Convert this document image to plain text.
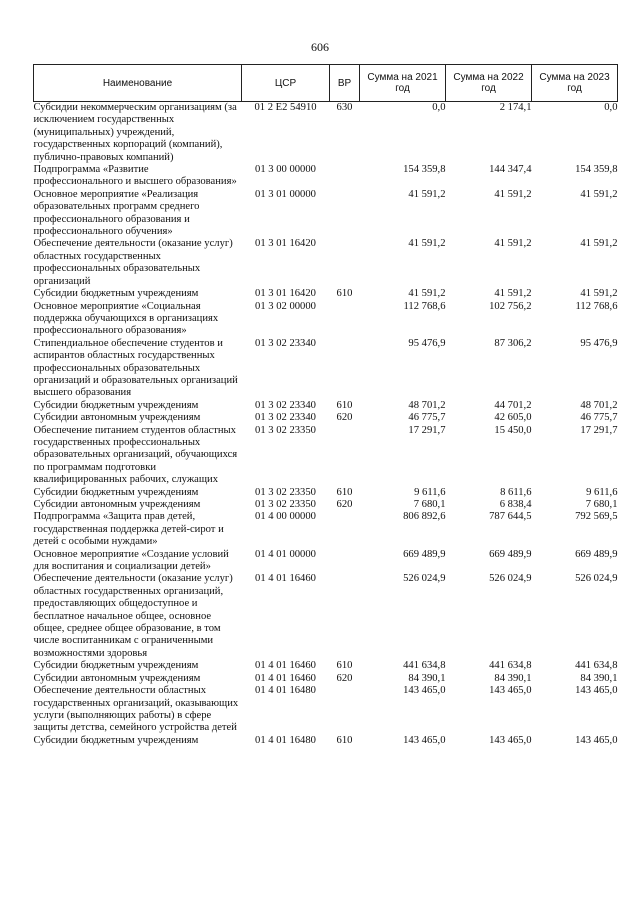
606
Наименование	ЦСР	ВР	Сумма на 2021 год	Сумма на 2022 год	Сумма на 2023 год
Субсидии некоммерческим организациям (за исключением государственных (муниципальных) учреждений, государственных корпораций (компаний), публично-правовых компаний)	01 2 E2 54910	630	0,0	2 174,1	0,0
Подпрограмма «Развитие профессионального и высшего образования»	01 3 00 00000		154 359,8	144 347,4	154 359,8
Основное мероприятие «Реализация образовательных программ среднего профессионального образования и профессионального обучения»	01 3 01 00000		41 591,2	41 591,2	41 591,2
Обеспечение деятельности (оказание услуг) областных государственных профессиональных образовательных организаций	01 3 01 16420		41 591,2	41 591,2	41 591,2
Субсидии бюджетным учреждениям	01 3 01 16420	610	41 591,2	41 591,2	41 591,2
Основное мероприятие «Социальная поддержка обучающихся в организациях профессионального образования»	01 3 02 00000		112 768,6	102 756,2	112 768,6
Стипендиальное обеспечение студентов и аспирантов областных государственных профессиональных образовательных организаций и образовательных организаций высшего образования	01 3 02 23340		95 476,9	87 306,2	95 476,9
Субсидии бюджетным учреждениям	01 3 02 23340	610	48 701,2	44 701,2	48 701,2
Субсидии автономным учреждениям	01 3 02 23340	620	46 775,7	42 605,0	46 775,7
Обеспечение питанием студентов областных государственных профессиональных образовательных организаций, обучающихся по программам подготовки квалифицированных рабочих, служащих	01 3 02 23350		17 291,7	15 450,0	17 291,7
Субсидии бюджетным учреждениям	01 3 02 23350	610	9 611,6	8 611,6	9 611,6
Субсидии автономным учреждениям	01 3 02 23350	620	7 680,1	6 838,4	7 680,1
Подпрограмма «Защита прав детей, государственная поддержка детей-сирот и детей с особыми нуждами»	01 4 00 00000		806 892,6	787 644,5	792 569,5
Основное мероприятие «Создание условий для воспитания и социализации детей»	01 4 01 00000		669 489,9	669 489,9	669 489,9
Обеспечение деятельности (оказание услуг) областных государственных организаций, предоставляющих общедоступное и бесплатное начальное общее, основное общее, среднее общее образование, в том числе воспитанникам с ограниченными возможностями здоровья	01 4 01 16460		526 024,9	526 024,9	526 024,9
Субсидии бюджетным учреждениям	01 4 01 16460	610	441 634,8	441 634,8	441 634,8
Субсидии автономным учреждениям	01 4 01 16460	620	84 390,1	84 390,1	84 390,1
Обеспечение деятельности областных государственных организаций, оказывающих услуги (выполняющих работы) в сфере защиты детства, семейного устройства детей	01 4 01 16480		143 465,0	143 465,0	143 465,0
Субсидии бюджетным учреждениям	01 4 01 16480	610	143 465,0	143 465,0	143 465,0
